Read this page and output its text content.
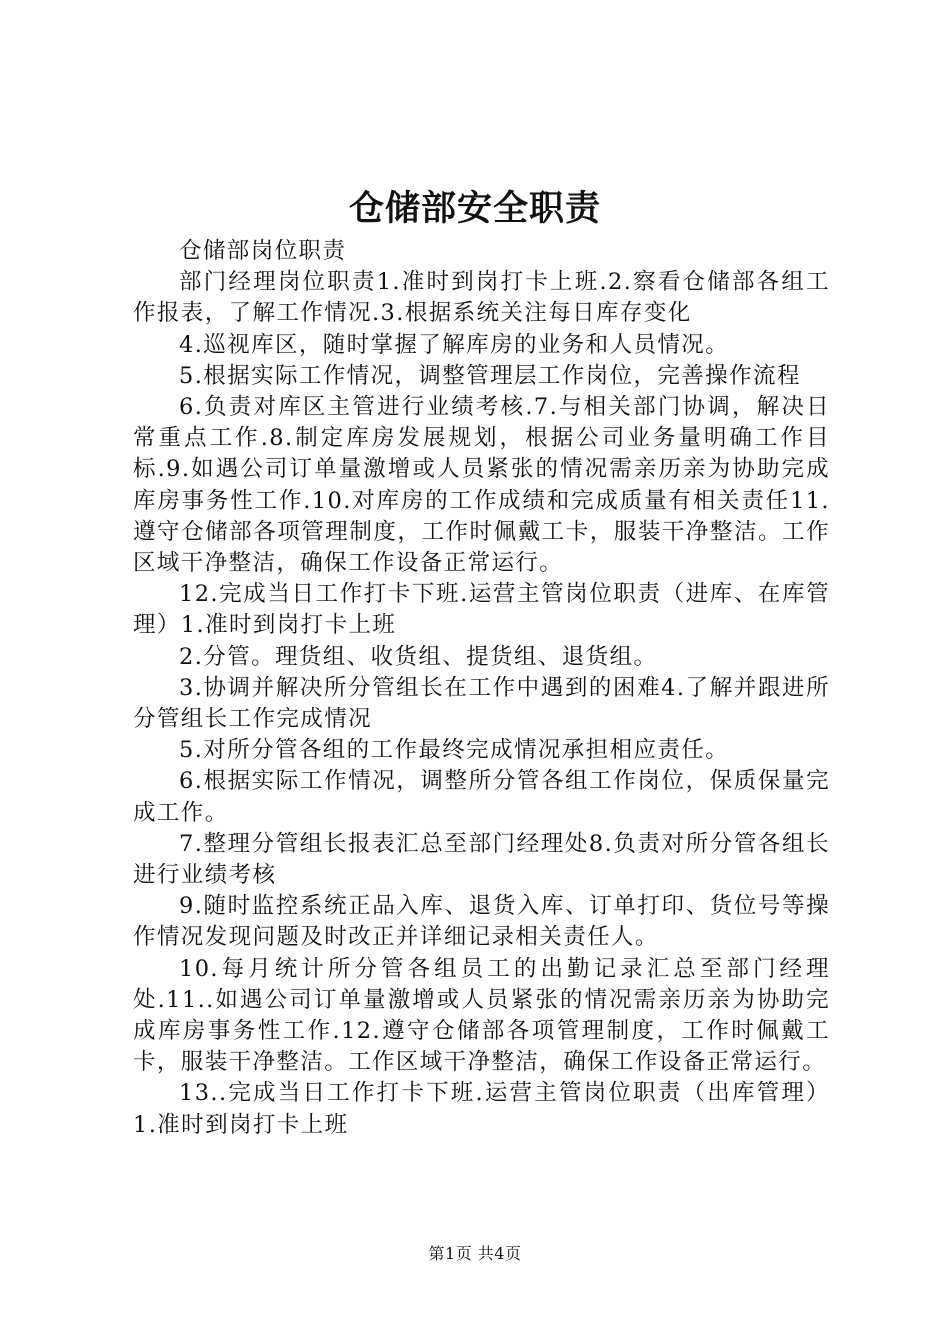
仓储部安全职责

仓储部岗位职责

部门经理岗位职责1.准时到岗打卡上班.2.察看仓储部各组工作报表，了解工作情况.3.根据系统关注每日库存变化

4.巡视库区，随时掌握了解库房的业务和人员情况。

5.根据实际工作情况，调整管理层工作岗位，完善操作流程

6.负责对库区主管进行业绩考核.7.与相关部门协调，解决日常重点工作.8.制定库房发展规划，根据公司业务量明确工作目标.9.如遇公司订单量激增或人员紧张的情况需亲历亲为协助完成库房事务性工作.10.对库房的工作成绩和完成质量有相关责任11.遵守仓储部各项管理制度，工作时佩戴工卡，服装干净整洁。工作区域干净整洁，确保工作设备正常运行。

12.完成当日工作打卡下班.运营主管岗位职责（进库、在库管理）1.准时到岗打卡上班

2.分管。理货组、收货组、提货组、退货组。

3.协调并解决所分管组长在工作中遇到的困难4.了解并跟进所分管组长工作完成情况

5.对所分管各组的工作最终完成情况承担相应责任。

6.根据实际工作情况，调整所分管各组工作岗位，保质保量完成工作。

7.整理分管组长报表汇总至部门经理处8.负责对所分管各组长进行业绩考核

9.随时监控系统正品入库、退货入库、订单打印、货位号等操作情况发现问题及时改正并详细记录相关责任人。

10.每月统计所分管各组员工的出勤记录汇总至部门经理处.11..如遇公司订单量激增或人员紧张的情况需亲历亲为协助完成库房事务性工作.12.遵守仓储部各项管理制度，工作时佩戴工卡，服装干净整洁。工作区域干净整洁，确保工作设备正常运行。

13..完成当日工作打卡下班.运营主管岗位职责（出库管理）1.准时到岗打卡上班

第1页 共4页
